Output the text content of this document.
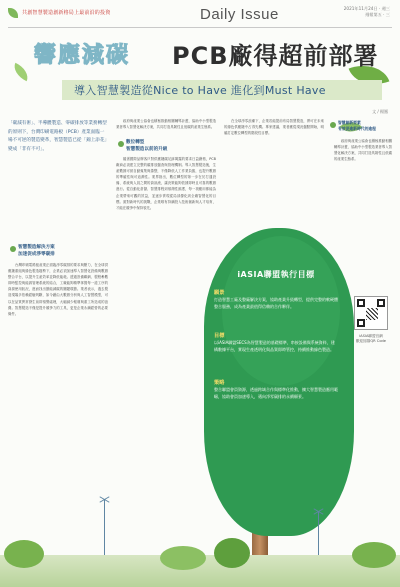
共創智慧製造創新格局上最前沿的投資	Daily Issue	2021年11月24日 · 週三
週報第五 · 三
響應減碳 PCB廠得超前部署
導入智慧製造從Nice to Have 進化到Must Have
文 / 楊鳳
「碳減有術」、半導體製造、零碳排放等業務轉型的原則下，台灣印刷電路板（PCB）產業面臨一場不可逆的製造變革，智慧製造已從「錦上添花」變成「非有不可」。
智慧製造解決方案
加速促成淨零碳排

台灣印刷電路板產業正面臨淨零碳排的要求與壓力，在全球供應鏈重組與綠色製造趨勢下，企業必須加速導入智慧化設備與數據整合平台，以提升生產效率並降低能耗。透過設備聯網、製程參數即時監控與能源管理系統的結合，工廠能夠精準掌握每一道工序的資源使用狀況，進而找出節能減碳的關鍵環節。業者表示，過去製造現場多依賴經驗判斷，如今藉由大數據分析與人工智慧模型，可以在品質異常發生前即預警處理，大幅減少報廢與重工所造成的浪費。智慧製造不僅是提升競爭力的工具，更是企業永續經營的必要條件。

政府與產業公協會也積極推動相關輔導計畫，協助中小型製造業者導入智慧化解決方案，共同打造具韌性且低碳的產業生態系。

數位轉型
智慧製造以前的升級

隨著國際品牌客戶對供應鏈碳足跡揭露的要求日益嚴格，PCB廠商必須建立完整的碳排放盤查與管理機制。導入智慧製造後，生產數據可被自動蒐集與彙整，不僅降低人工作業負擔，也提升數據的準確性與可追溯性。業界指出，數位轉型的第一步在於打通設備、系統與人員之間的資訊流，讓決策能夠依據即時且可靠的數據進行。從自動化倉儲、智慧排程到預測性維護，每一項應用都能為企業帶來可觀的效益，並逐步實現從局部優化到全廠智慧化的目標。面對新時代的挑戰，企業唯有持續投入技術創新與人才培育，才能在競爭中保持領先。

在全球淨零浪潮下，企業若能提前布局智慧製造，將可在未來的綠色供應鏈中占得先機。專家建議，業者應從現況盤點開始，明確訂定數位轉型的階段性目標。

智慧創新要素
有效促進新時代的進程

政府與產業公協會也積極推動相關輔導計畫，協助中小型製造業者導入智慧化解決方案，共同打造具韌性且低碳的產業生態系。

iASIA聯盟執行目標
願景
打造智慧工廠及整廠解決方案，協助產業升級轉型，提供完整的軟硬體整合服務，成為產業最值得信賴的合作夥伴。
目標
以iASIA聯盟SECS為智慧製造的基礎標準，串接設備與系統資料，建構數據平台，實現生產透明化與品質即時管控，持續推動綠色製造。
策略
整合聯盟會員資源，透過跨域合作與標準化推動，擴大智慧製造應用範疇，協助會員加速導入，邁向淨零碳排的永續願景。
iASIA聯盟官網
歡迎掃描QR Code
